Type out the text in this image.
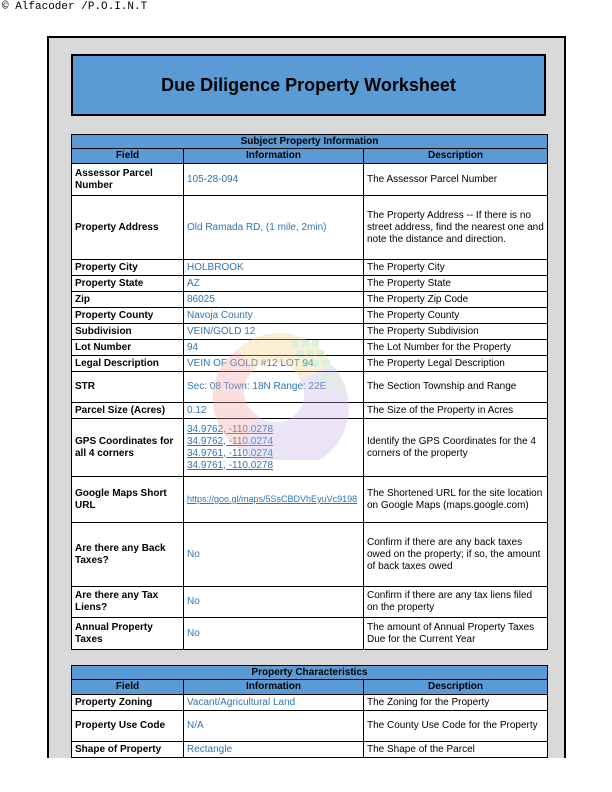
© Alfacoder /P.O.I.N.T
Due Diligence Property Worksheet
Subject Property Information		
Field	Information	Description
Assessor Parcel Number	105-28-094	The Assessor Parcel Number
Property Address	Old Ramada RD, (1 mile, 2min)	The Property Address -- If there is no street address, find the nearest one and note the distance and direction.
Property City	HOLBROOK	The Property City
Property State	AZ	The Property State
Zip	86025	The Property Zip Code
Property County	Navoja County	The Property County
Subdivision	VEIN/GOLD 12	The Property Subdivision
Lot Number	94	The Lot Number for the Property
Legal Description	VEIN OF GOLD #12 LOT 94	The Property Legal Description
STR	Sec: 08 Town: 18N Range: 22E	The Section Township and Range
Parcel Size (Acres)	0.12	The Size of the Property in Acres
GPS Coordinates for all 4 corners	34.9762, -110.0278
34.9762, -110.0274
34.9761, -110.0274
34.9761, -110.0278	Identify the GPS Coordinates for the 4 corners of the property
Google Maps Short URL	https://goo.gl/maps/5SsCBDVhEyuVc9198	The Shortened URL for the site location on Google Maps (maps.google.com)
Are there any Back Taxes?	No	Confirm if there are any back taxes owed on the property; if so, the amount of back taxes owed
Are there any Tax Liens?	No	Confirm if there are any tax liens filed on the property
Annual Property Taxes	No	The amount of Annual Property Taxes Due for the Current Year
Property Characteristics		
Field	Information	Description
Property Zoning	Vacant/Agricultural Land	The Zoning for the Property
Property Use Code	N/A	The County Use Code for the Property
Shape of Property	Rectangle	The Shape of the Parcel
